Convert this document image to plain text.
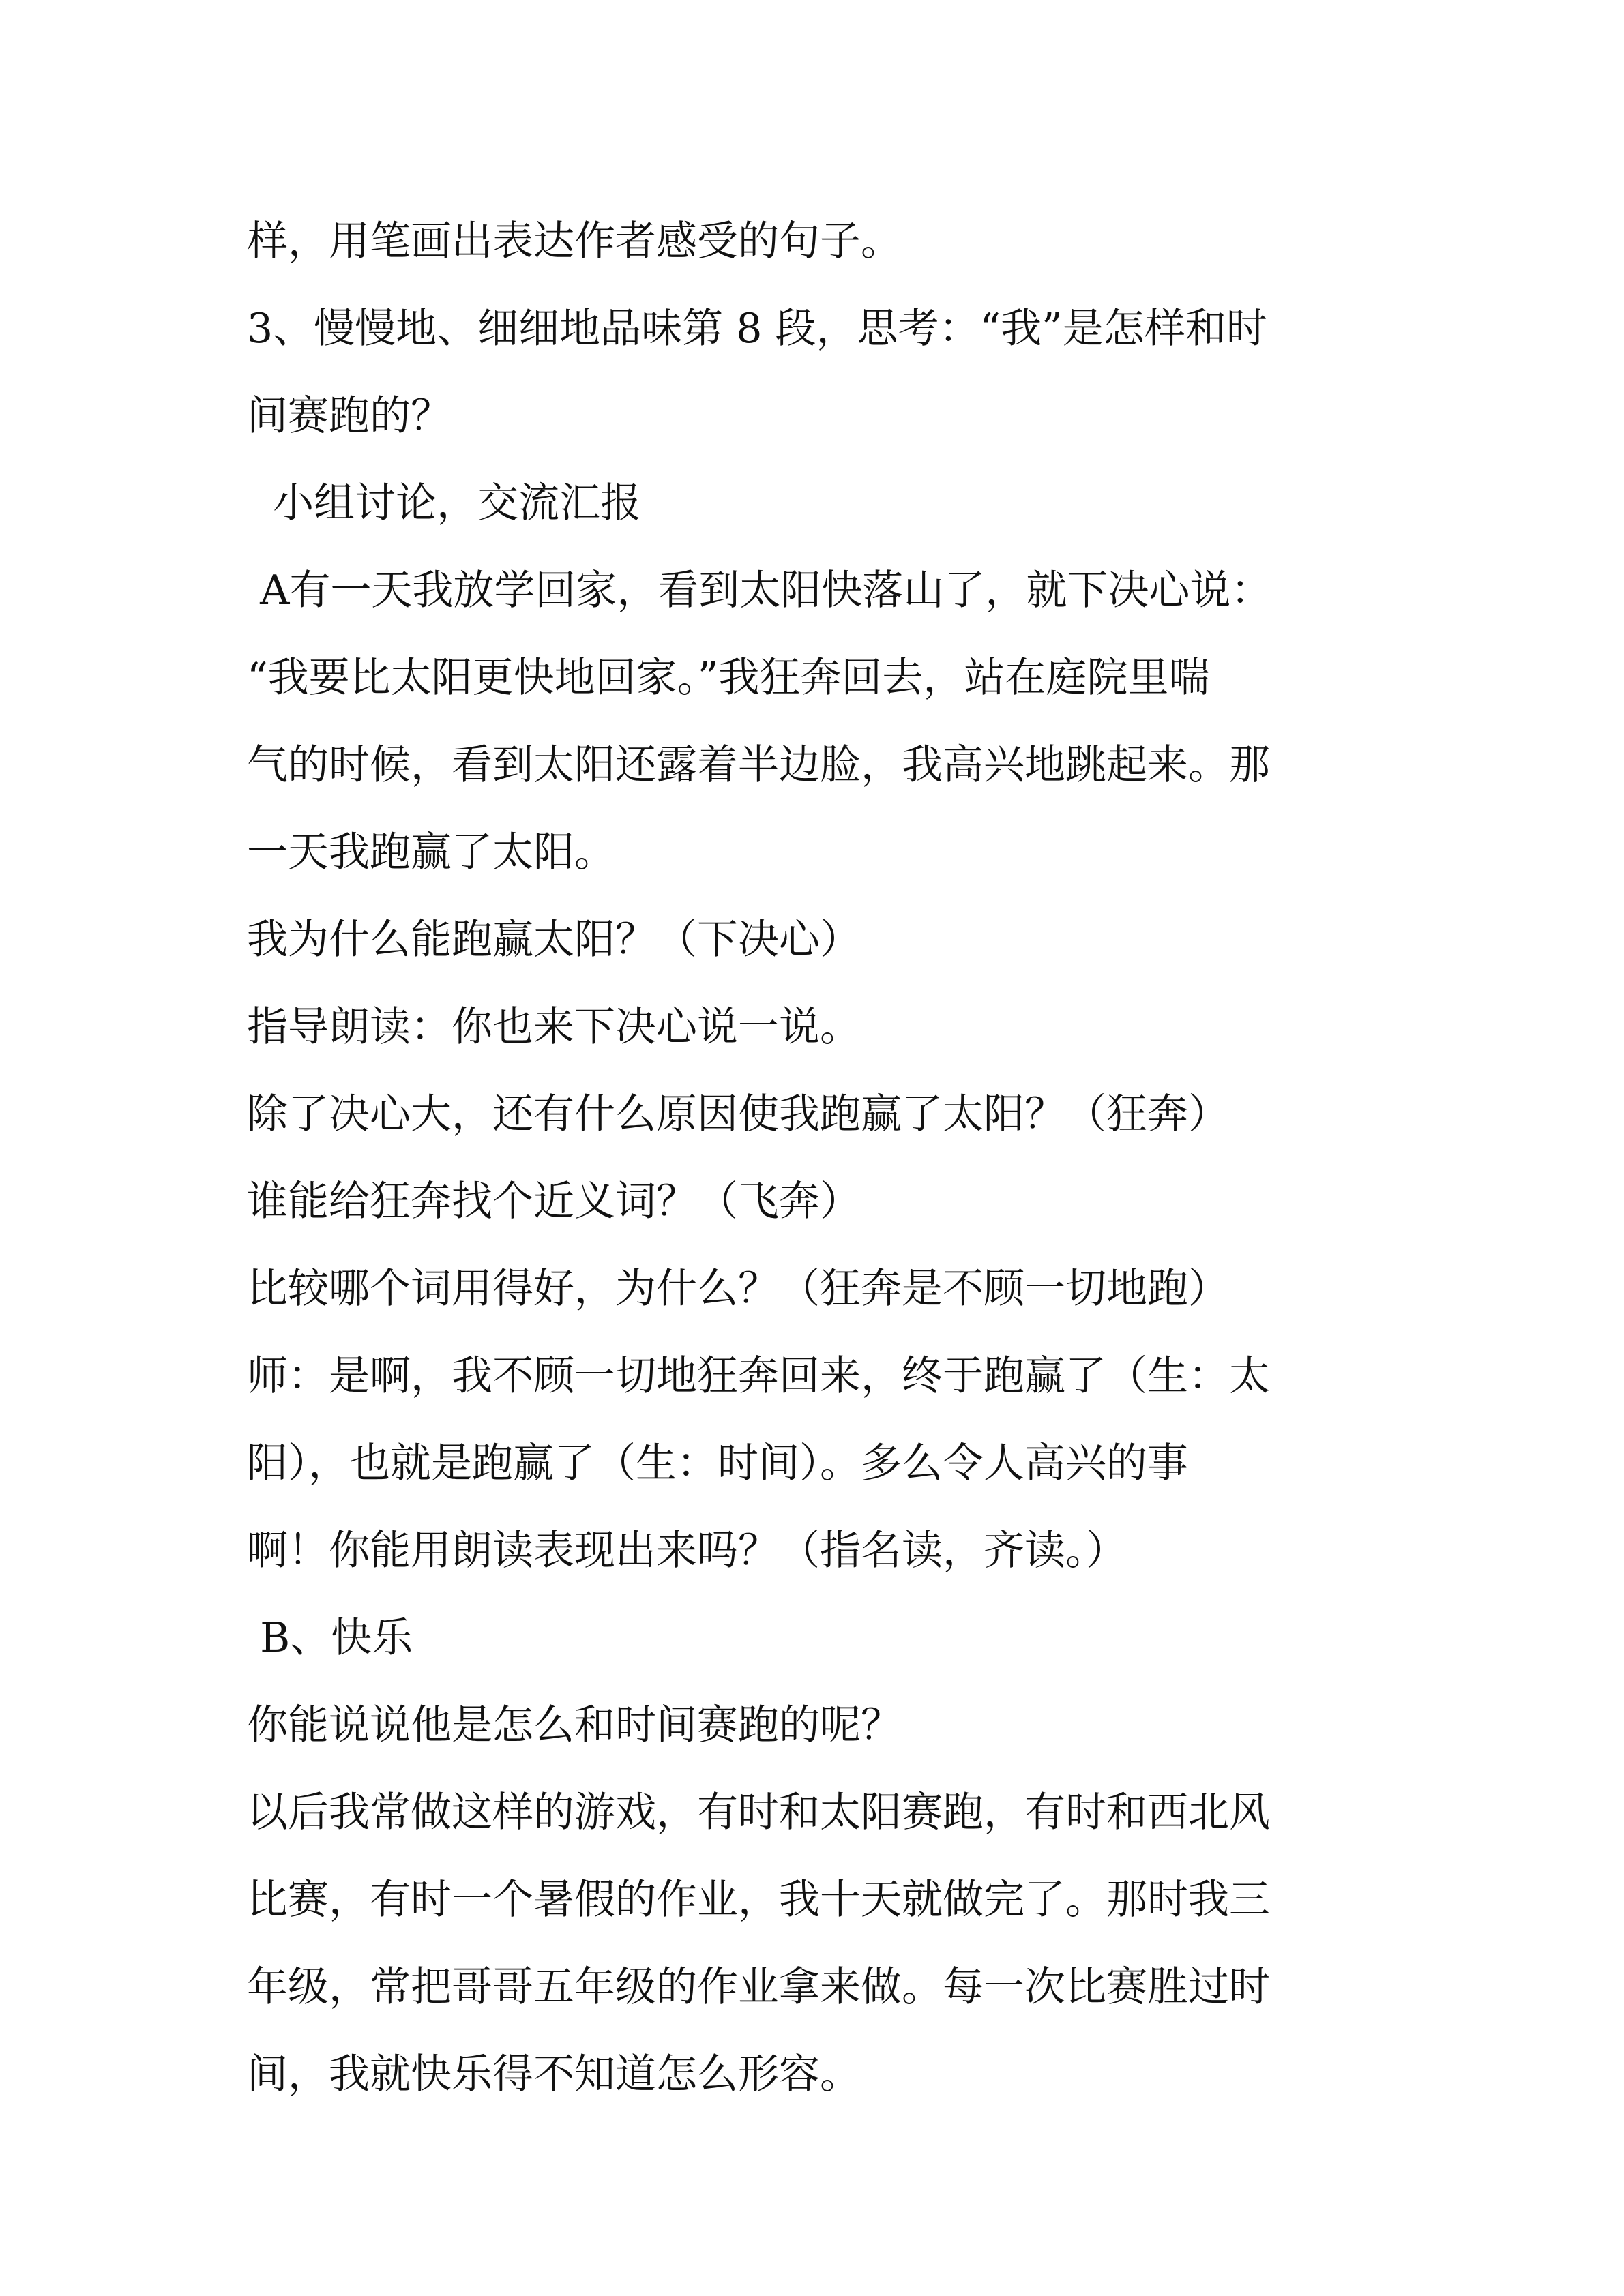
样，用笔画出表达作者感受的句子。
3、慢慢地、细细地品味第 8 段，思考：“我”是怎样和时
间赛跑的？
小组讨论，交流汇报
A有一天我放学回家，看到太阳快落山了，就下决心说：
“我要比太阳更快地回家。”我狂奔回去，站在庭院里喘
气的时候，看到太阳还露着半边脸，我高兴地跳起来。那
一天我跑赢了太阳。
我为什么能跑赢太阳？（下决心）
指导朗读：你也来下决心说一说。
除了决心大，还有什么原因使我跑赢了太阳？（狂奔）
谁能给狂奔找个近义词？（飞奔）
比较哪个词用得好，为什么？（狂奔是不顾一切地跑）
师：是啊，我不顾一切地狂奔回来，终于跑赢了（生：太
阳），也就是跑赢了（生：时间）。多么令人高兴的事
啊！你能用朗读表现出来吗？（指名读，齐读。）
B、快乐
你能说说他是怎么和时间赛跑的呢？
以后我常做这样的游戏，有时和太阳赛跑，有时和西北风
比赛，有时一个暑假的作业，我十天就做完了。那时我三
年级，常把哥哥五年级的作业拿来做。每一次比赛胜过时
间，我就快乐得不知道怎么形容。
